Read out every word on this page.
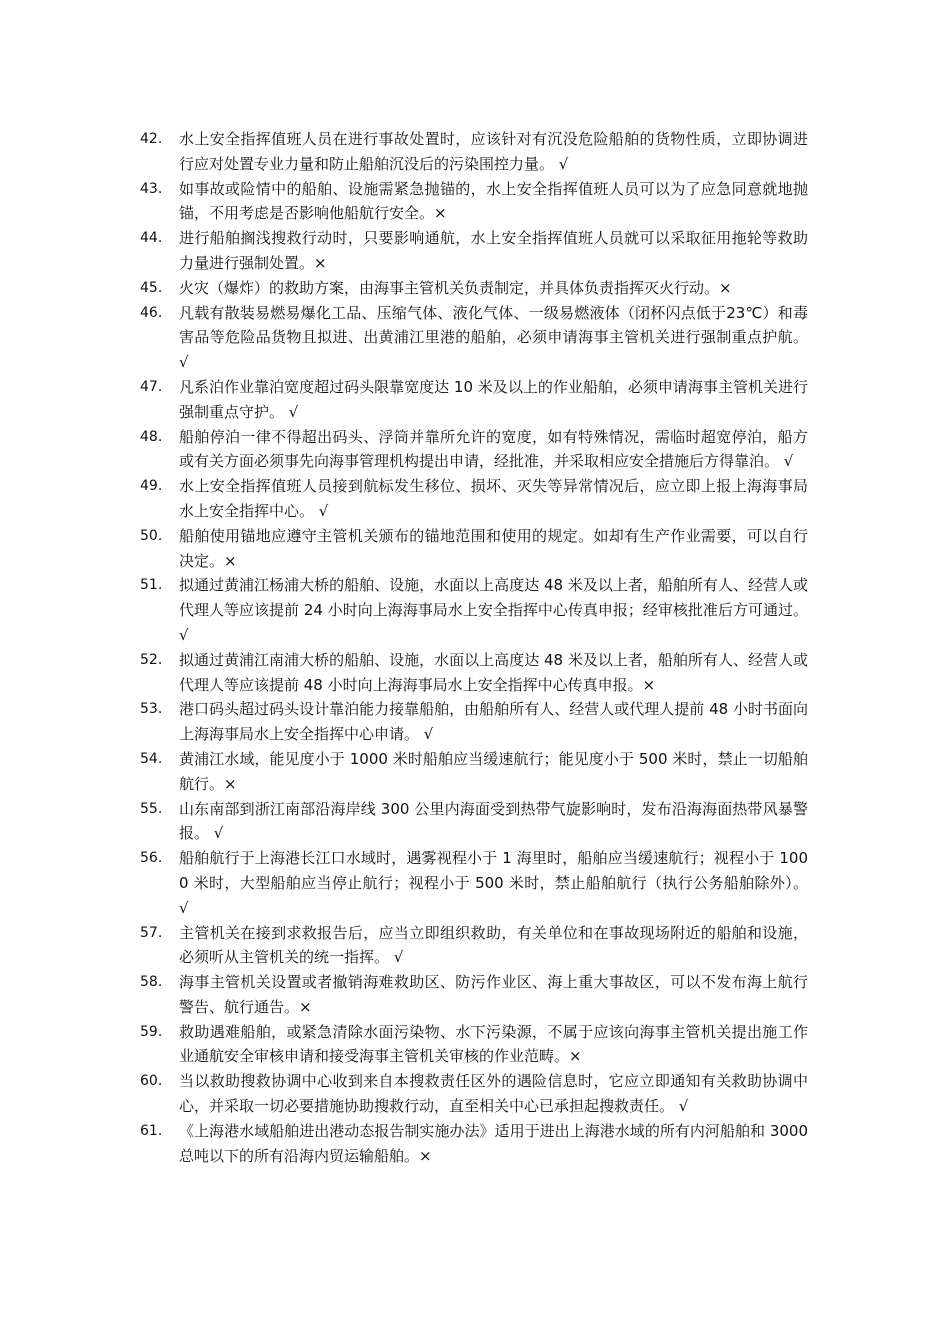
42.	水上安全指挥值班人员在进行事故处置时，应该针对有沉没危险船舶的货物性质，立即协调进行应对处置专业力量和防止船舶沉没后的污染围控力量。 √
43.	如事故或险情中的船舶、设施需紧急抛锚的，水上安全指挥值班人员可以为了应急同意就地抛锚，不用考虑是否影响他船航行安全。×
44.	进行船舶搁浅搜救行动时，只要影响通航，水上安全指挥值班人员就可以采取征用拖轮等救助力量进行强制处置。×
45.	火灾（爆炸）的救助方案，由海事主管机关负责制定，并具体负责指挥灭火行动。×
46.	凡载有散装易燃易爆化工品、压缩气体、液化气体、一级易燃液体（闭杯闪点低于23℃）和毒害品等危险品货物且拟进、出黄浦江里港的船舶，必须申请海事主管机关进行强制重点护航。 √
47.	凡系泊作业靠泊宽度超过码头限靠宽度达 10 米及以上的作业船舶，必须申请海事主管机关进行强制重点守护。 √
48.	船舶停泊一律不得超出码头、浮筒并靠所允许的宽度，如有特殊情况，需临时超宽停泊，船方或有关方面必须事先向海事管理机构提出申请，经批准，并采取相应安全措施后方得靠泊。 √
49.	水上安全指挥值班人员接到航标发生移位、损坏、灭失等异常情况后，应立即上报上海海事局水上安全指挥中心。 √
50.	船舶使用锚地应遵守主管机关颁布的锚地范围和使用的规定。如却有生产作业需要，可以自行决定。×
51.	拟通过黄浦江杨浦大桥的船舶、设施，水面以上高度达 48 米及以上者，船舶所有人、经营人或代理人等应该提前 24 小时向上海海事局水上安全指挥中心传真申报；经审核批准后方可通过。 √
52.	拟通过黄浦江南浦大桥的船舶、设施，水面以上高度达 48 米及以上者，船舶所有人、经营人或代理人等应该提前 48 小时向上海海事局水上安全指挥中心传真申报。×
53.	港口码头超过码头设计靠泊能力接靠船舶，由船舶所有人、经营人或代理人提前 48 小时书面向上海海事局水上安全指挥中心申请。 √
54.	黄浦江水域，能见度小于 1000 米时船舶应当缓速航行；能见度小于 500 米时，禁止一切船舶航行。×
55.	山东南部到浙江南部沿海岸线 300 公里内海面受到热带气旋影响时，发布沿海海面热带风暴警报。 √
56.	船舶航行于上海港长江口水域时，遇雾视程小于 1 海里时，船舶应当缓速航行；视程小于 1000 米时，大型船舶应当停止航行；视程小于 500 米时，禁止船舶航行（执行公务船舶除外）。 √
57.	主管机关在接到求救报告后，应当立即组织救助，有关单位和在事故现场附近的船舶和设施，必须听从主管机关的统一指挥。 √
58.	海事主管机关设置或者撤销海难救助区、防污作业区、海上重大事故区，可以不发布海上航行警告、航行通告。×
59.	救助遇难船舶，或紧急清除水面污染物、水下污染源，不属于应该向海事主管机关提出施工作业通航安全审核申请和接受海事主管机关审核的作业范畴。×
60.	当以救助搜救协调中心收到来自本搜救责任区外的遇险信息时，它应立即通知有关救助协调中心，并采取一切必要措施协助搜救行动，直至相关中心已承担起搜救责任。 √
61.	《上海港水域船舶进出港动态报告制实施办法》适用于进出上海港水域的所有内河船舶和 3000 总吨以下的所有沿海内贸运输船舶。×
